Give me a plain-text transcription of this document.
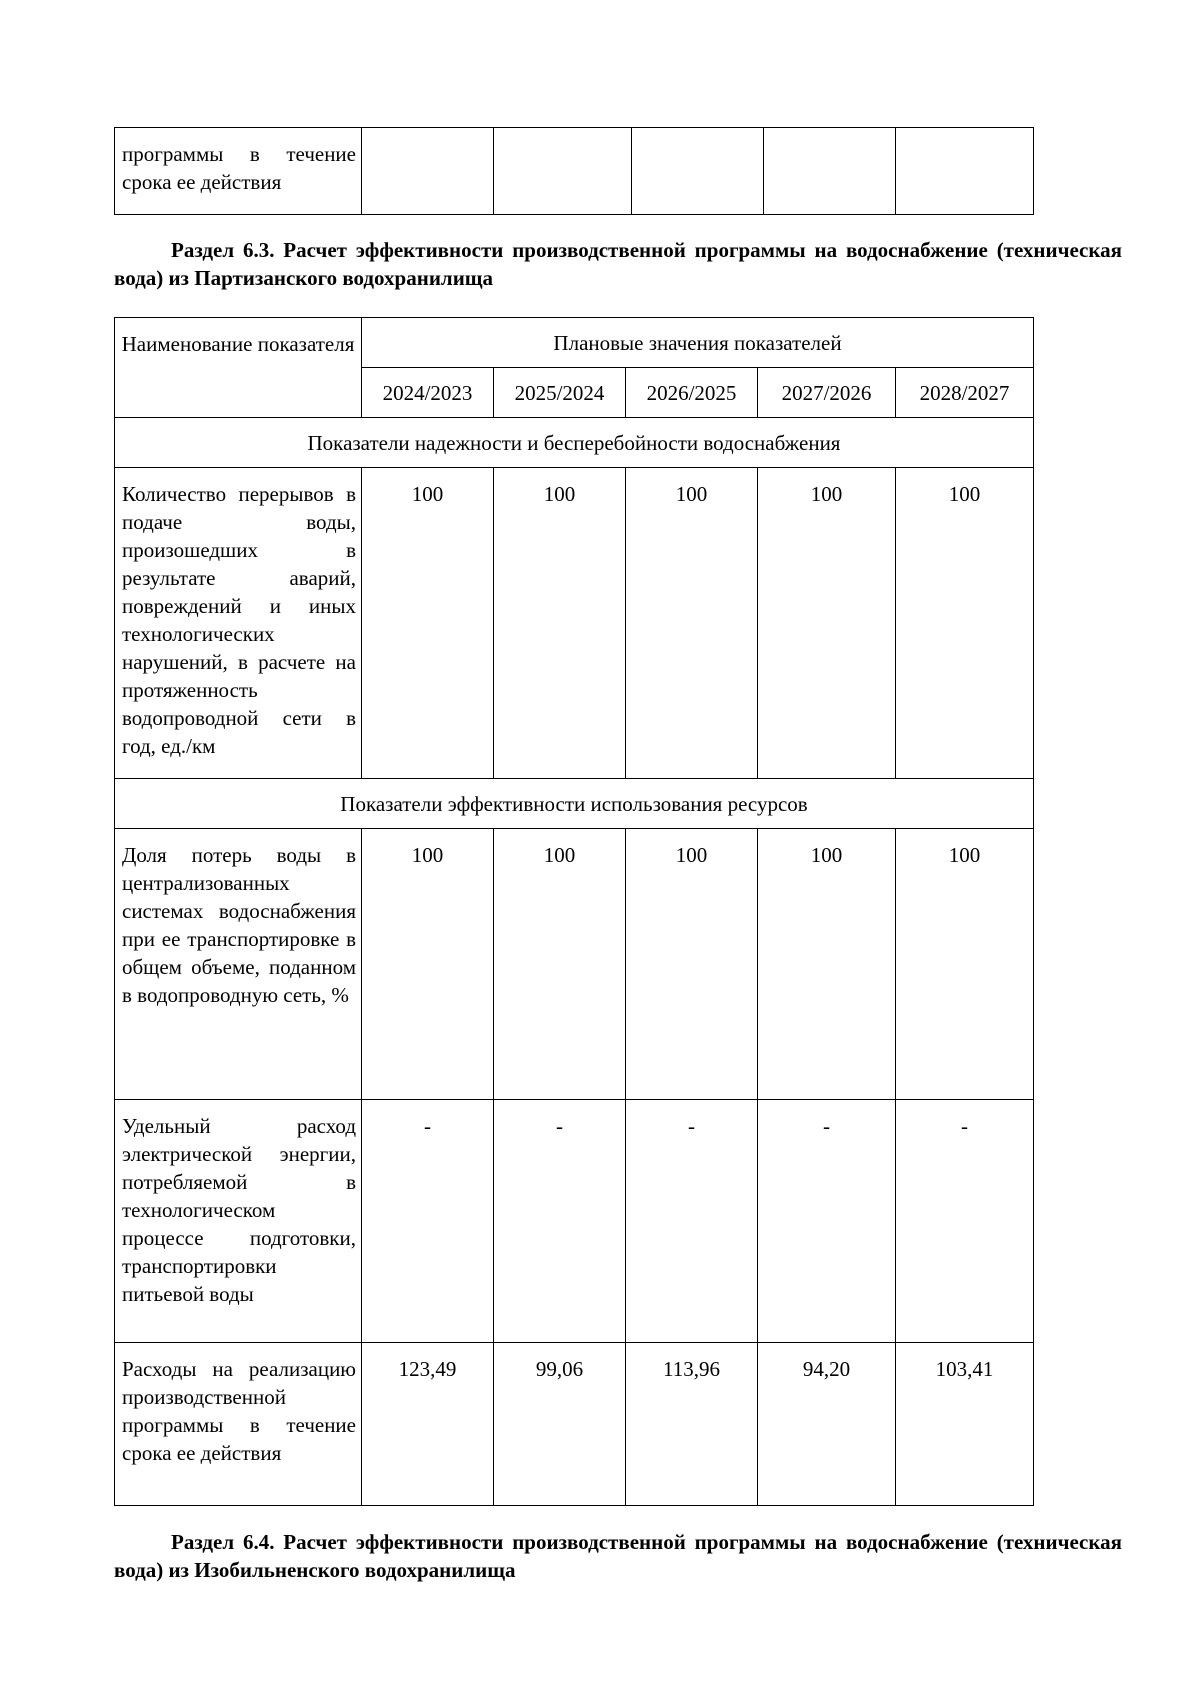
программы в течение срока ее действия					
Раздел 6.3. Расчет эффективности производственной программы на водоснабжение (техническая вода) из Партизанского водохранилища
Наименование показателя	Плановые значения показателей				
	2024/2023	2025/2024	2026/2025	2027/2026	2028/2027
Показатели надежности и бесперебойности водоснабжения					
Количество перерывов в подаче воды, произошедших в результате аварий, повреждений и иных технологических нарушений, в расчете на протяженность водопроводной сети в год, ед./км	100	100	100	100	100
Показатели эффективности использования ресурсов					
Доля потерь воды в централизованных системах водоснабжения при ее транспортировке в общем объеме, поданном в водопроводную сеть, %	100	100	100	100	100
Удельный расход электрической энергии, потребляемой в технологическом процессе подготовки, транспортировки питьевой воды	-	-	-	-	-
Расходы на реализацию производственной программы в течение срока ее действия	123,49	99,06	113,96	94,20	103,41
Раздел 6.4. Расчет эффективности производственной программы на водоснабжение (техническая вода) из Изобильненского водохранилища
